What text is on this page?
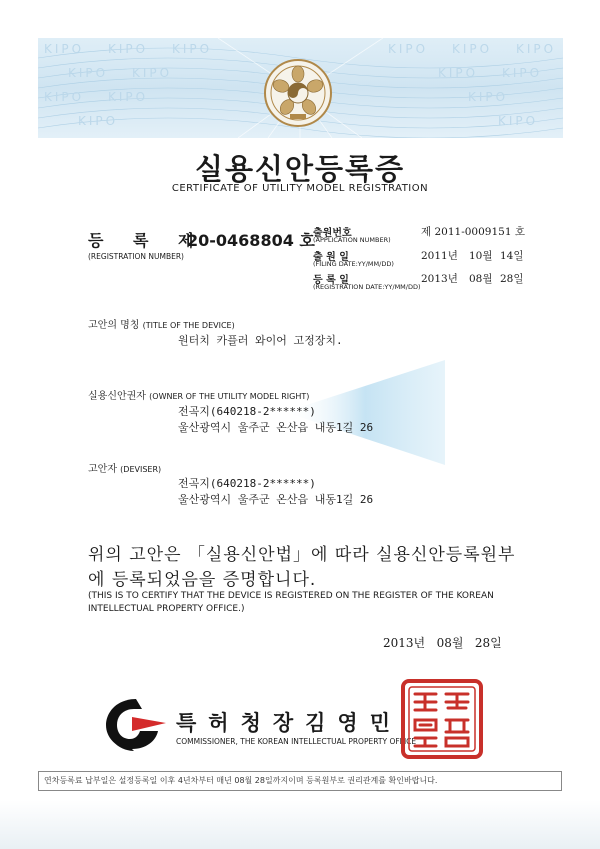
KIPO KIPO KIPO	KIPO KIPO KIPO
KIPO KIPO	KIPO KIPO
KIPO KIPO	KIPO
KIPO	KIPO
실용신안등록증
CERTIFICATE OF UTILITY MODEL REGISTRATION
등 록 제
20-0468804 호
(REGISTRATION NUMBER)
출원번호
(APPLICATION NUMBER)
제 2011-0009151 호
출 원 일
(FILING DATE:YY/MM/DD)
2011년 10월 14일
등 록 일
(REGISTRATION DATE:YY/MM/DD)
2013년 08월 28일
고안의 명칭 (TITLE OF THE DEVICE)
원터치 카플러 와이어 고정장치.
실용신안권자 (OWNER OF THE UTILITY MODEL RIGHT)
전곡지(640218-2******)
울산광역시 울주군 온산읍 내동1길 26
고안자 (DEVISER)
전곡지(640218-2******)
울산광역시 울주군 온산읍 내동1길 26
위의 고안은 「실용신안법」에 따라 실용신안등록원부에 등록되었음을 증명합니다.
(THIS IS TO CERTIFY THAT THE DEVICE IS REGISTERED ON THE REGISTER OF THE KOREAN INTELLECTUAL PROPERTY OFFICE.)
2013년   08월   28일
특허청장김영민
COMMISSIONER, THE KOREAN INTELLECTUAL PROPERTY OFFICE
연차등록료 납부일은 설정등록일 이후 4년차부터 매년 08월 28일까지이며 등록원부로 권리관계를 확인바랍니다.
